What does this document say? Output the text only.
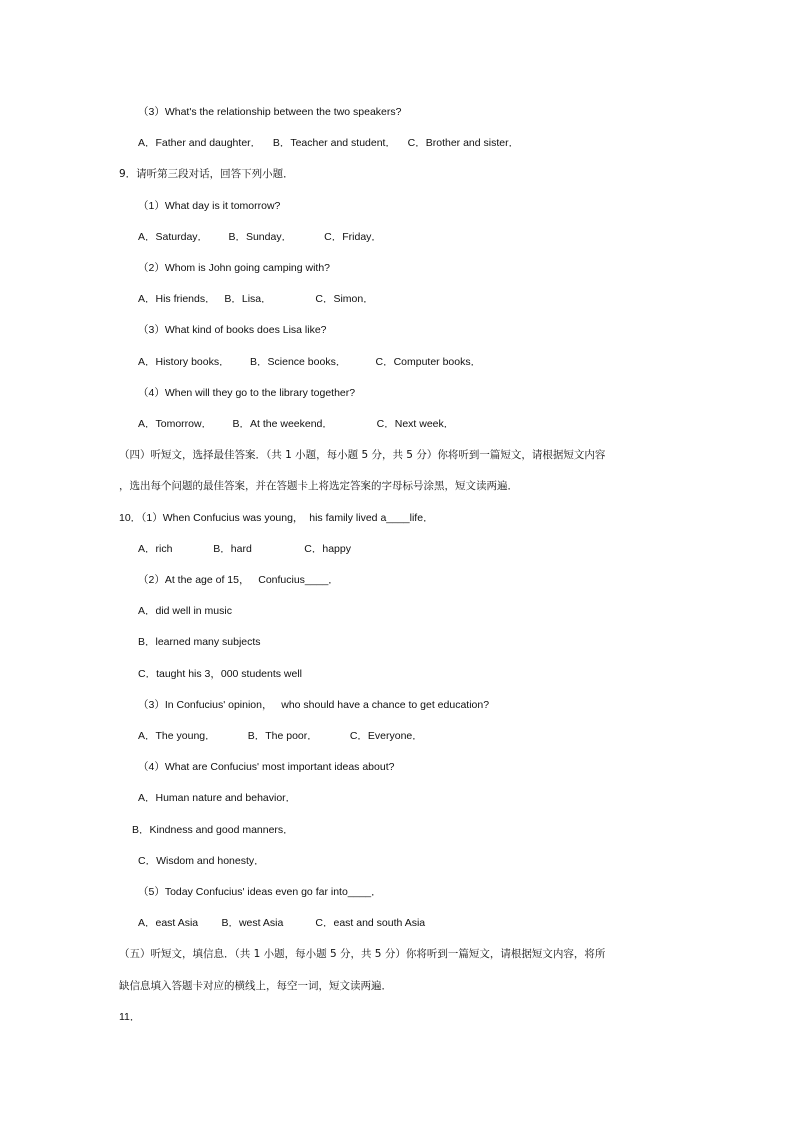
（3）What's the relationship between the two speakers?
A．Father and daughter．    B．Teacher and student．    C．Brother and sister．
9．请听第三段对话，回答下列小题．
（1）What day is it tomorrow?
A．Saturday．       B．Sunday．           C．Friday．
（2）Whom is John going camping with?
A．His friends．   B．Lisa．               C．Simon．
（3）What kind of books does Lisa like?
A．History books．       B．Science books．          C．Computer books．
（4）When will they go to the library together?
A．Tomorrow．       B．At the weekend．               C．Next week．
（四）听短文，选择最佳答案．（共 1 小题，每小题 5 分，共 5 分）你将听到一篇短文，请根据短文内容
，选出每个问题的最佳答案，并在答题卡上将选定答案的字母标号涂黑，短文读两遍．
10．（1）When Confucius was young，  his family lived a____life．
A．rich              B．hard                  C．happy
（2）At the age of 15，   Confucius____．
A．did well in music
B．learned many subjects
C．taught his 3，000 students well
（3）In Confucius' opinion，   who should have a chance to get education?
A．The young．           B．The poor．           C．Everyone．
（4）What are Confucius' most important ideas about?
A．Human nature and behavior．
B．Kindness and good manners．
C．Wisdom and honesty．
（5）Today Confucius' ideas even go far into____．
A．east Asia        B．west Asia           C．east and south Asia
（五）听短文，填信息．（共 1 小题，每小题 5 分，共 5 分）你将听到一篇短文，请根据短文内容，将所
缺信息填入答题卡对应的横线上，每空一词，短文读两遍．
11．
